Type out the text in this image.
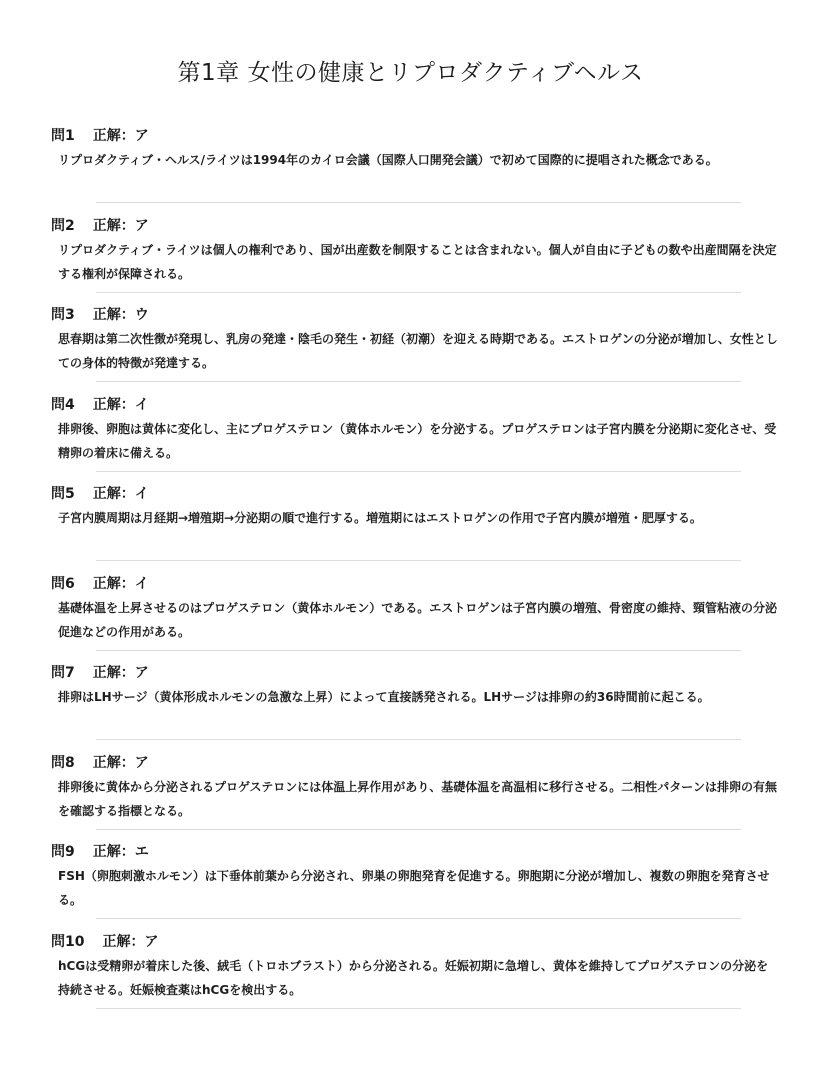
第1章 女性の健康とリプロダクティブヘルス
問1 正解：ア

リプロダクティブ・ヘルス/ライツは1994年のカイロ会議（国際人口開発会議）で初めて国際的に提唱された概念である。

問2 正解：ア

リプロダクティブ・ライツは個人の権利であり、国が出産数を制限することは含まれない。個人が自由に子どもの数や出産間隔を決定する権利が保障される。

問3 正解：ウ

思春期は第二次性徴が発現し、乳房の発達・陰毛の発生・初経（初潮）を迎える時期である。エストロゲンの分泌が増加し、女性としての身体的特徴が発達する。

問4 正解：イ

排卵後、卵胞は黄体に変化し、主にプロゲステロン（黄体ホルモン）を分泌する。プロゲステロンは子宮内膜を分泌期に変化させ、受精卵の着床に備える。

問5 正解：イ

子宮内膜周期は月経期→増殖期→分泌期の順で進行する。増殖期にはエストロゲンの作用で子宮内膜が増殖・肥厚する。

問6 正解：イ

基礎体温を上昇させるのはプロゲステロン（黄体ホルモン）である。エストロゲンは子宮内膜の増殖、骨密度の維持、頸管粘液の分泌促進などの作用がある。

問7 正解：ア

排卵はLHサージ（黄体形成ホルモンの急激な上昇）によって直接誘発される。LHサージは排卵の約36時間前に起こる。

問8 正解：ア

排卵後に黄体から分泌されるプロゲステロンには体温上昇作用があり、基礎体温を高温相に移行させる。二相性パターンは排卵の有無を確認する指標となる。

問9 正解：エ

FSH（卵胞刺激ホルモン）は下垂体前葉から分泌され、卵巣の卵胞発育を促進する。卵胞期に分泌が増加し、複数の卵胞を発育させる。

問10 正解：ア

hCGは受精卵が着床した後、絨毛（トロホブラスト）から分泌される。妊娠初期に急増し、黄体を維持してプロゲステロンの分泌を持続させる。妊娠検査薬はhCGを検出する。
